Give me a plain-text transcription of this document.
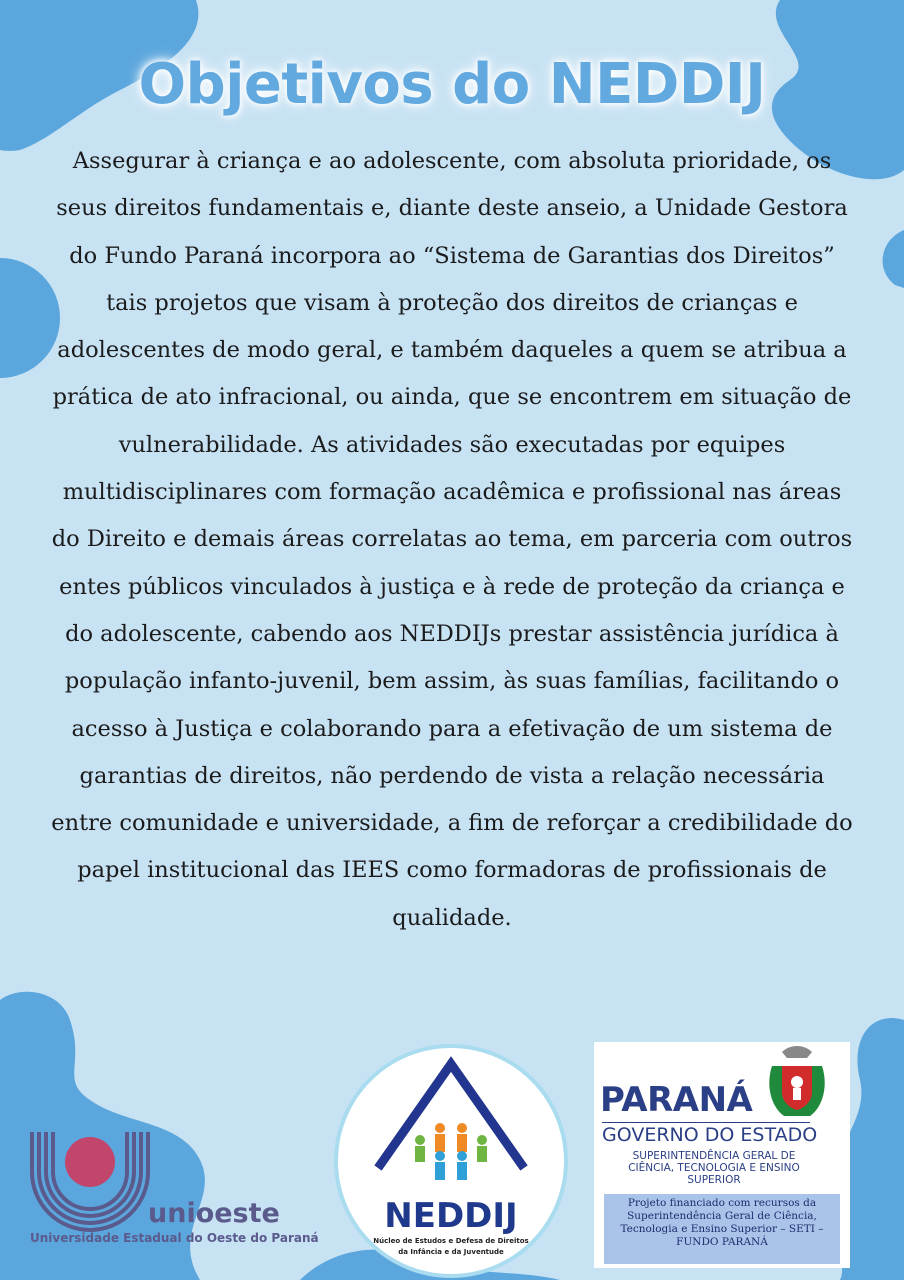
Objetivos do NEDDIJ

Assegurar à criança e ao adolescente, com absoluta prioridade, os seus direitos fundamentais e, diante deste anseio, a Unidade Gestora do Fundo Paraná incorpora ao “Sistema de Garantias dos Direitos” tais projetos que visam à proteção dos direitos de crianças e adolescentes de modo geral, e também daqueles a quem se atribua a prática de ato infracional, ou ainda, que se encontrem em situação de vulnerabilidade. As atividades são executadas por equipes multidisciplinares com formação acadêmica e profissional nas áreas do Direito e demais áreas correlatas ao tema, em parceria com outros entes públicos vinculados à justiça e à rede de proteção da criança e do adolescente, cabendo aos NEDDIJs prestar assistência jurídica à população infanto-juvenil, bem assim, às suas famílias, facilitando o acesso à Justiça e colaborando para a efetivação de um sistema de garantias de direitos, não perdendo de vista a relação necessária entre comunidade e universidade, a fim de reforçar a credibilidade do papel institucional das IEES como formadoras de profissionais de qualidade.

unioeste
Universidade Estadual do Oeste do Paraná
NEDDIJ
Núcleo de Estudos e Defesa de Direitos da Infância e da Juventude
PARANÁ
GOVERNO DO ESTADO
SUPERINTENDÊNCIA GERAL DE CIÊNCIA, TECNOLOGIA E ENSINO SUPERIOR
Projeto financiado com recursos da Superintendência Geral de Ciência, Tecnologia e Ensino Superior – SETI – FUNDO PARANÁ
